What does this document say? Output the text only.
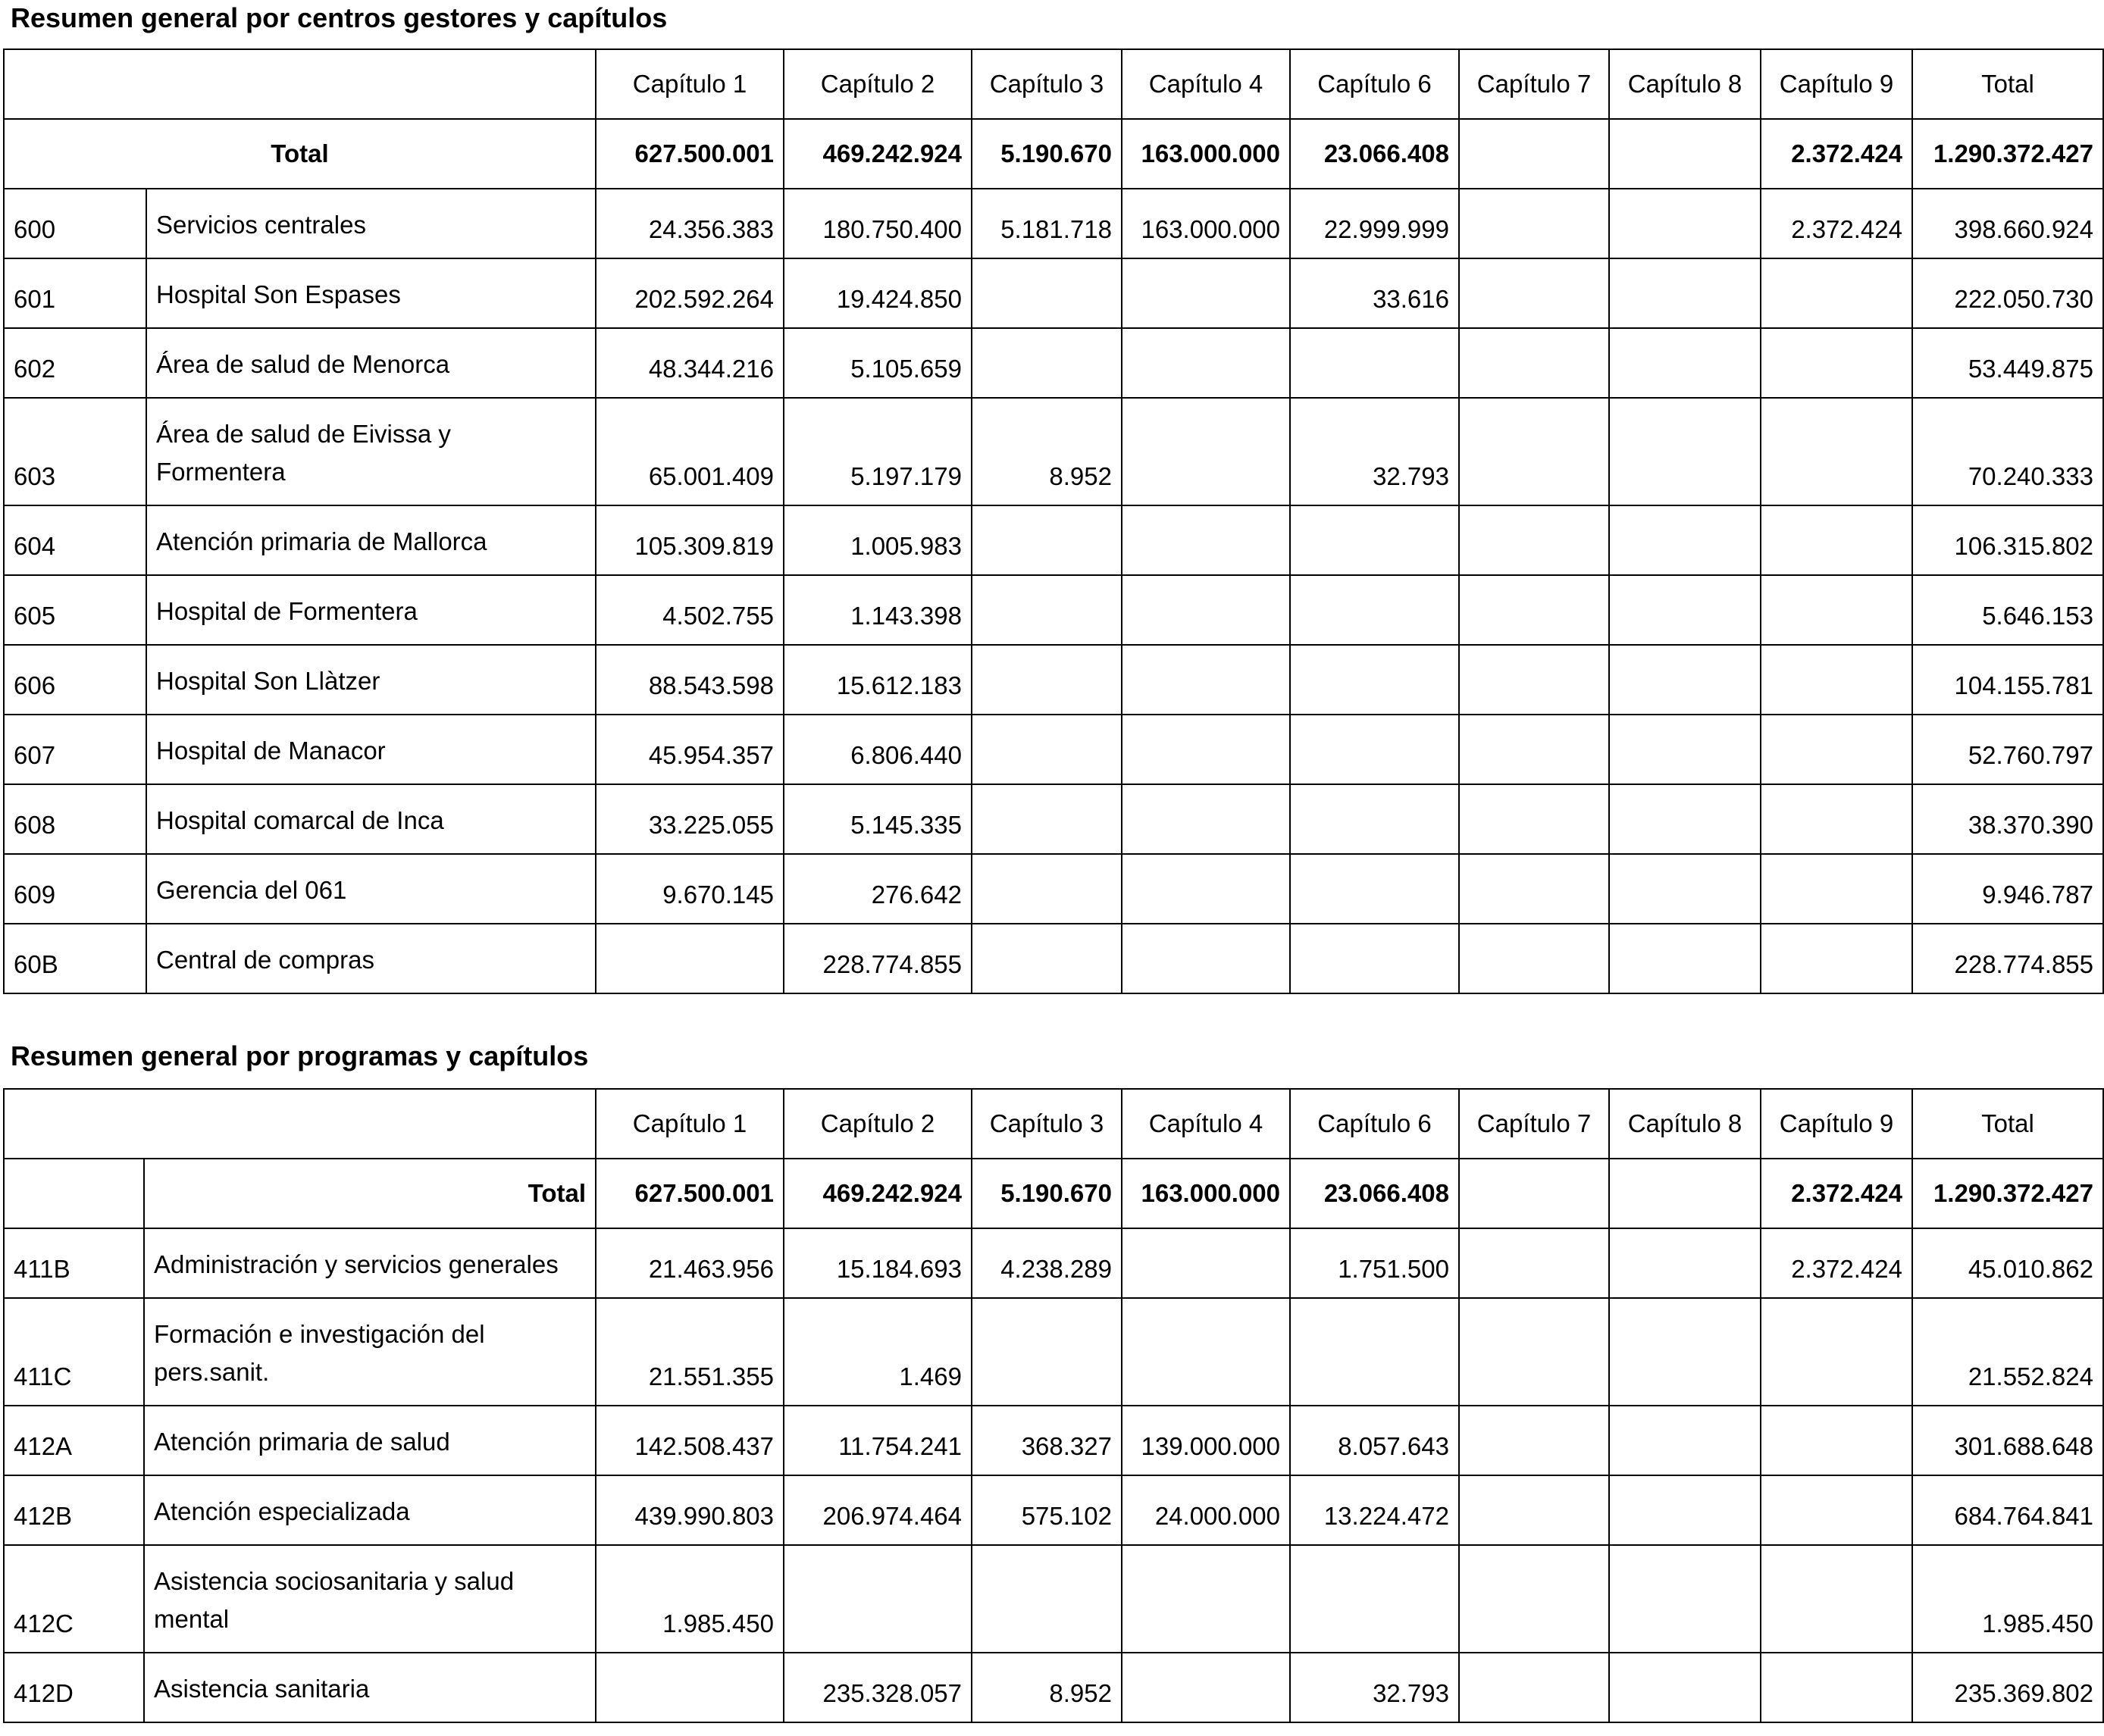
Resumen general por centros gestores y capítulos
		Capítulo 1	Capítulo 2	Capítulo 3	Capítulo 4	Capítulo 6	Capítulo 7	Capítulo 8	Capítulo 9	Total
Total		627.500.001	469.242.924	5.190.670	163.000.000	23.066.408			2.372.424	1.290.372.427
600	Servicios centrales	24.356.383	180.750.400	5.181.718	163.000.000	22.999.999			2.372.424	398.660.924
601	Hospital Son Espases	202.592.264	19.424.850			33.616				222.050.730
602	Área de salud de Menorca	48.344.216	5.105.659							53.449.875
603	Área de salud de Eivissa y Formentera	65.001.409	5.197.179	8.952		32.793				70.240.333
604	Atención primaria de Mallorca	105.309.819	1.005.983							106.315.802
605	Hospital de Formentera	4.502.755	1.143.398							5.646.153
606	Hospital Son Llàtzer	88.543.598	15.612.183							104.155.781
607	Hospital de Manacor	45.954.357	6.806.440							52.760.797
608	Hospital comarcal de Inca	33.225.055	5.145.335							38.370.390
609	Gerencia del 061	9.670.145	276.642							9.946.787
60B	Central de compras		228.774.855							228.774.855
Resumen general por programas y capítulos
		Capítulo 1	Capítulo 2	Capítulo 3	Capítulo 4	Capítulo 6	Capítulo 7	Capítulo 8	Capítulo 9	Total
	Total	627.500.001	469.242.924	5.190.670	163.000.000	23.066.408			2.372.424	1.290.372.427
411B	Administración y servicios generales	21.463.956	15.184.693	4.238.289		1.751.500			2.372.424	45.010.862
411C	Formación e investigación del pers.sanit.	21.551.355	1.469							21.552.824
412A	Atención primaria de salud	142.508.437	11.754.241	368.327	139.000.000	8.057.643				301.688.648
412B	Atención especializada	439.990.803	206.974.464	575.102	24.000.000	13.224.472				684.764.841
412C	Asistencia sociosanitaria y salud mental	1.985.450								1.985.450
412D	Asistencia sanitaria		235.328.057	8.952		32.793				235.369.802
